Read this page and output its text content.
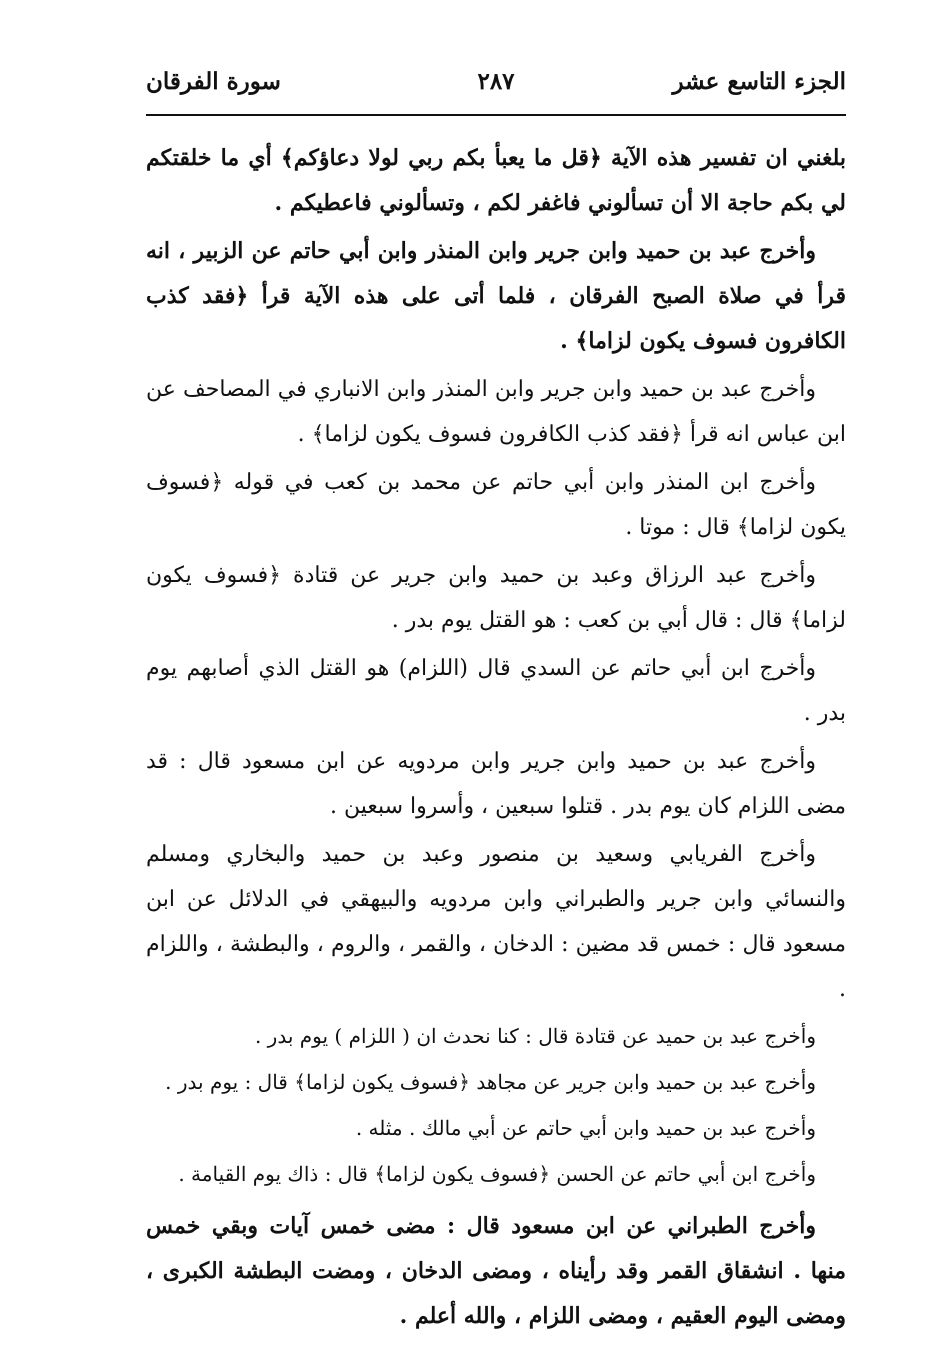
الجزء التاسع عشر
٢٨٧
سورة الفرقان

بلغني ان تفسير هذه الآية ﴿قل ما يعبأ بكم ربي لولا دعاؤكم﴾ أي ما خلقتكم لي بكم حاجة الا أن تسألوني فاغفر لكم ، وتسألوني فاعطيكم .

وأخرج عبد بن حميد وابن جرير وابن المنذر وابن أبي حاتم عن الزبير ، انه قرأ في صلاة الصبح الفرقان ، فلما أتى على هذه الآية قرأ ﴿فقد كذب الكافرون فسوف يكون لزاما﴾ .

وأخرج عبد بن حميد وابن جرير وابن المنذر وابن الانباري في المصاحف عن ابن عباس انه قرأ ﴿فقد كذب الكافرون فسوف يكون لزاما﴾ .

وأخرج ابن المنذر وابن أبي حاتم عن محمد بن كعب في قوله ﴿فسوف يكون لزاما﴾ قال : موتا .

وأخرج عبد الرزاق وعبد بن حميد وابن جرير عن قتادة ﴿فسوف يكون لزاما﴾ قال : قال أبي بن كعب : هو القتل يوم بدر .

وأخرج ابن أبي حاتم عن السدي قال (اللزام) هو القتل الذي أصابهم يوم بدر .

وأخرج عبد بن حميد وابن جرير وابن مردويه عن ابن مسعود قال : قد مضى اللزام كان يوم بدر . قتلوا سبعين ، وأسروا سبعين .

وأخرج الفريابي وسعيد بن منصور وعبد بن حميد والبخاري ومسلم والنسائي وابن جرير والطبراني وابن مردويه والبيهقي في الدلائل عن ابن مسعود قال : خمس قد مضين : الدخان ، والقمر ، والروم ، والبطشة ، واللزام .

وأخرج عبد بن حميد عن قتادة قال : كنا نحدث ان ( اللزام ) يوم بدر .

وأخرج عبد بن حميد وابن جرير عن مجاهد ﴿فسوف يكون لزاما﴾ قال : يوم بدر .

وأخرج عبد بن حميد وابن أبي حاتم عن أبي مالك . مثله .

وأخرج ابن أبي حاتم عن الحسن ﴿فسوف يكون لزاما﴾ قال : ذاك يوم القيامة .

وأخرج الطبراني عن ابن مسعود قال : مضى خمس آيات وبقي خمس منها . انشقاق القمر وقد رأيناه ، ومضى الدخان ، ومضت البطشة الكبرى ، ومضى اليوم العقيم ، ومضى اللزام ، والله أعلم .
